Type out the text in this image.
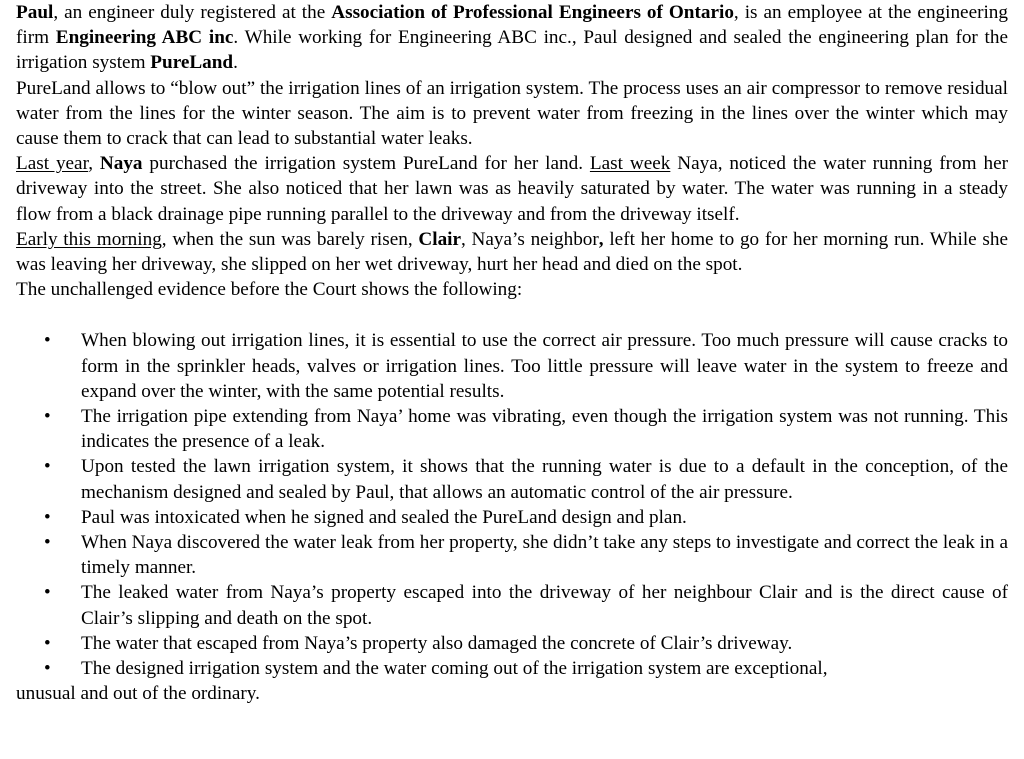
Paul, an engineer duly registered at the Association of Professional Engineers of Ontario, is an employee at the engineering firm Engineering ABC inc. While working for Engineering ABC inc., Paul designed and sealed the engineering plan for the irrigation system PureLand.

PureLand allows to “blow out” the irrigation lines of an irrigation system. The process uses an air compressor to remove residual water from the lines for the winter season. The aim is to prevent water from freezing in the lines over the winter which may cause them to crack that can lead to substantial water leaks.

Last year, Naya purchased the irrigation system PureLand for her land. Last week Naya, noticed the water running from her driveway into the street. She also noticed that her lawn was as heavily saturated by water. The water was running in a steady flow from a black drainage pipe running parallel to the driveway and from the driveway itself.

Early this morning, when the sun was barely risen, Clair, Naya’s neighbor, left her home to go for her morning run. While she was leaving her driveway, she slipped on her wet driveway, hurt her head and died on the spot.

The unchallenged evidence before the Court shows the following:

• When blowing out irrigation lines, it is essential to use the correct air pressure. Too much pressure will cause cracks to form in the sprinkler heads, valves or irrigation lines. Too little pressure will leave water in the system to freeze and expand over the winter, with the same potential results.
• The irrigation pipe extending from Naya’ home was vibrating, even though the irrigation system was not running. This indicates the presence of a leak.
• Upon tested the lawn irrigation system, it shows that the running water is due to a default in the conception, of the mechanism designed and sealed by Paul, that allows an automatic control of the air pressure.
• Paul was intoxicated when he signed and sealed the PureLand design and plan.
• When Naya discovered the water leak from her property, she didn’t take any steps to investigate and correct the leak in a timely manner.
• The leaked water from Naya’s property escaped into the driveway of her neighbour Clair and is the direct cause of Clair’s slipping and death on the spot.
• The water that escaped from Naya’s property also damaged the concrete of Clair’s driveway.
•	The designed irrigation system and the water coming out of the irrigation system are exceptional,
unusual and out of the ordinary.
